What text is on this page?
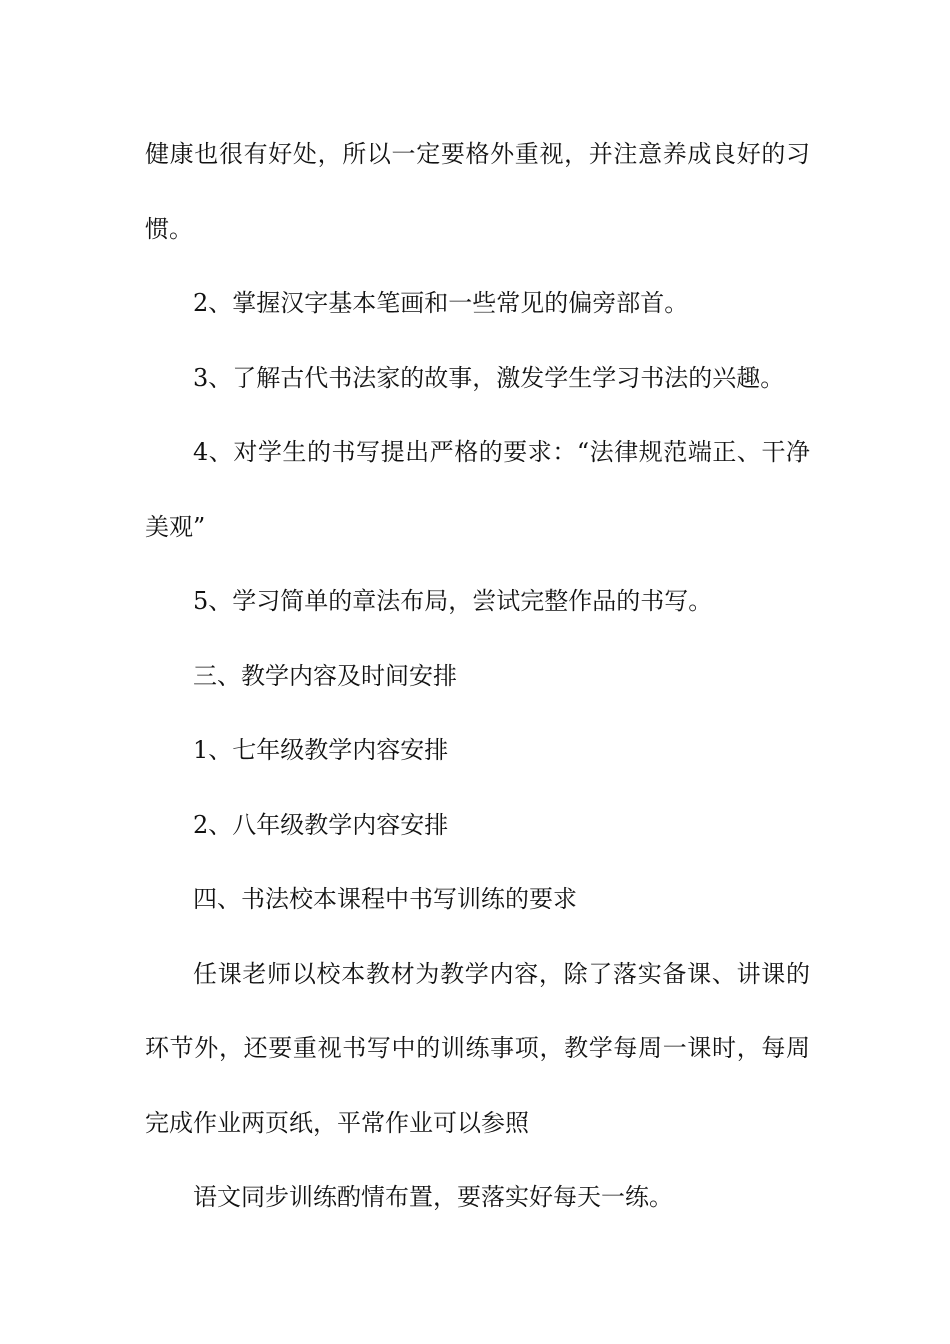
健康也很有好处，所以一定要格外重视，并注意养成良好的习
惯。
2、掌握汉字基本笔画和一些常见的偏旁部首。
3、了解古代书法家的故事，激发学生学习书法的兴趣。
4、对学生的书写提出严格的要求：“法律规范端正、干净
美观”
5、学习简单的章法布局，尝试完整作品的书写。
三、教学内容及时间安排
1、七年级教学内容安排
2、八年级教学内容安排
四、书法校本课程中书写训练的要求
任课老师以校本教材为教学内容，除了落实备课、讲课的
环节外，还要重视书写中的训练事项，教学每周一课时，每周
完成作业两页纸，平常作业可以参照
语文同步训练酌情布置，要落实好每天一练。
